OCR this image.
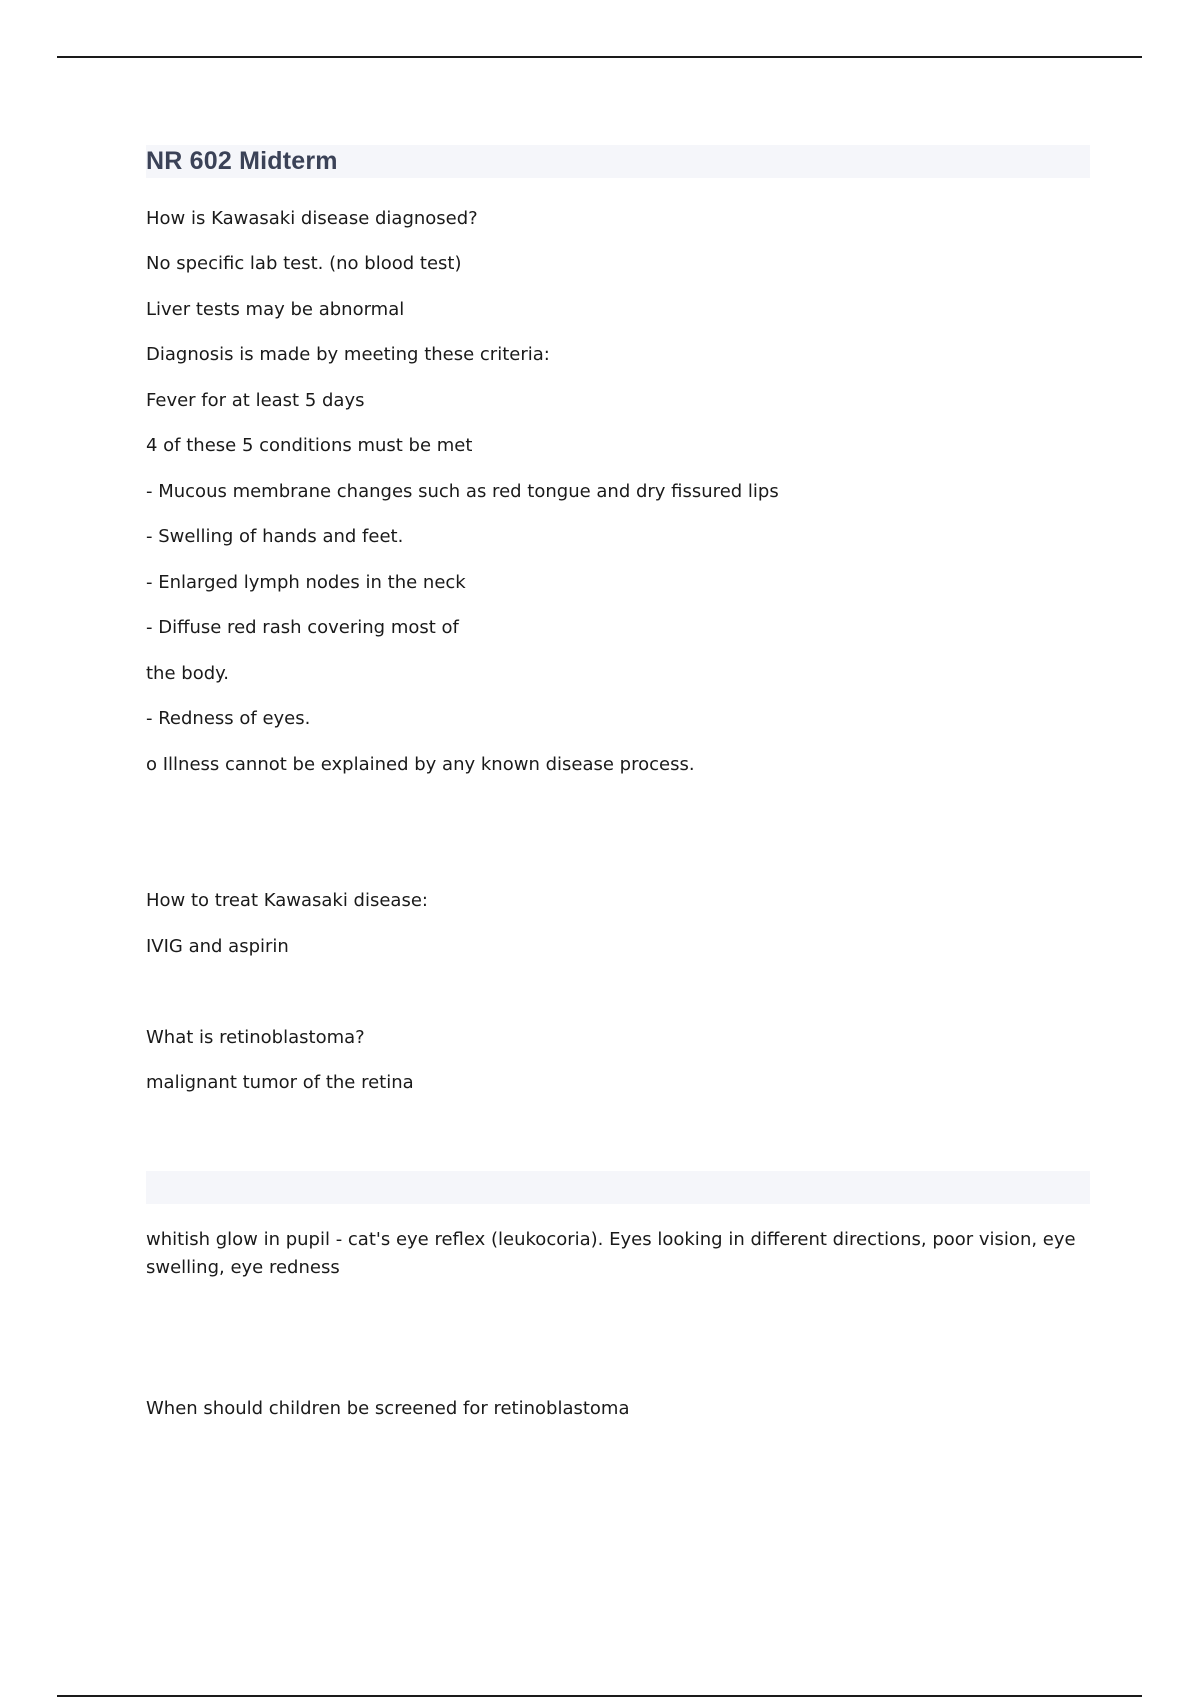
NR 602 Midterm
How is Kawasaki disease diagnosed?
No specific lab test. (no blood test)
Liver tests may be abnormal
Diagnosis is made by meeting these criteria:
Fever for at least 5 days
4 of these 5 conditions must be met
- Mucous membrane changes such as red tongue and dry fissured lips
- Swelling of hands and feet.
- Enlarged lymph nodes in the neck
- Diffuse red rash covering most of
the body.
- Redness of eyes.
o Illness cannot be explained by any known disease process.
How to treat Kawasaki disease:
IVIG and aspirin
What is retinoblastoma?
malignant tumor of the retina
whitish glow in pupil - cat's eye reflex (leukocoria). Eyes looking in different directions, poor vision, eye swelling, eye redness
When should children be screened for retinoblastoma
